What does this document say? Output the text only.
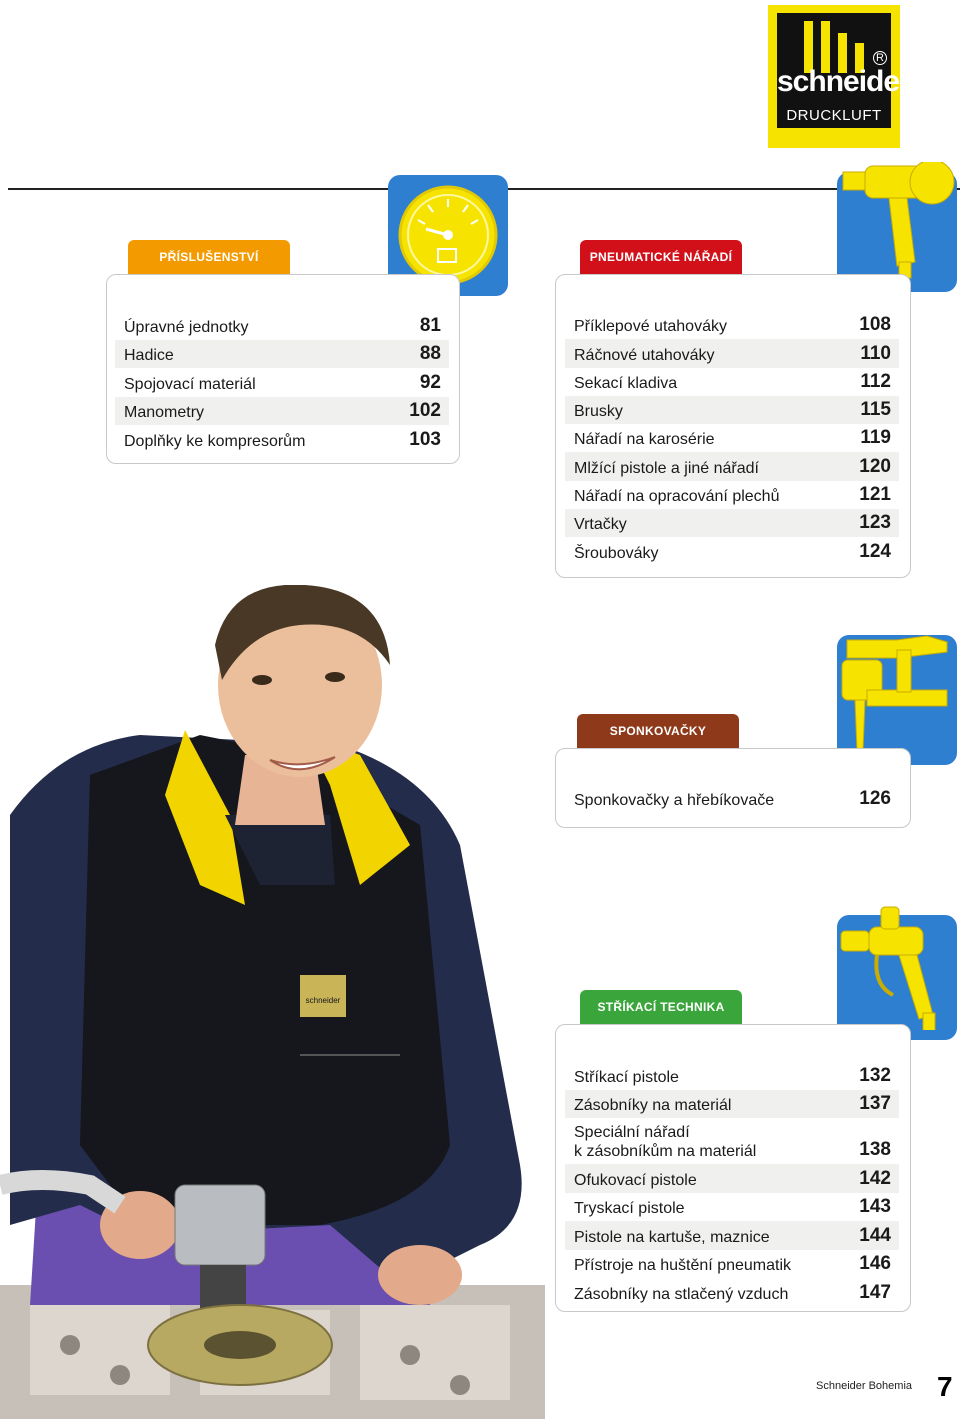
R
schneider
DRUCKLUFT
PŘÍSLUŠENSTVÍ
Úpravné jednotky	81
Hadice	88
Spojovací materiál	92
Manometry	102
Doplňky ke kompresorům	103
PNEUMATICKÉ NÁŘADÍ
Příklepové utahováky	108
Ráčnové utahováky	110
Sekací kladiva	112
Brusky	115
Nářadí na karosérie	119
Mlžící pistole a jiné nářadí	120
Nářadí na opracování plechů	121
Vrtačky	123
Šroubováky	124
SPONKOVAČKY
Sponkovačky a hřebíkovače	126
STŘÍKACÍ TECHNIKA
Stříkací pistole	132
Zásobníky na materiál	137
Speciální nářadí
k zásobníkům na materiál	138
Ofukovací pistole	142
Tryskací pistole	143
Pistole na kartuše, maznice	144
Přístroje na huštění pneumatik	146
Zásobníky na stlačený vzduch	147
schneider
Schneider Bohemia 7
